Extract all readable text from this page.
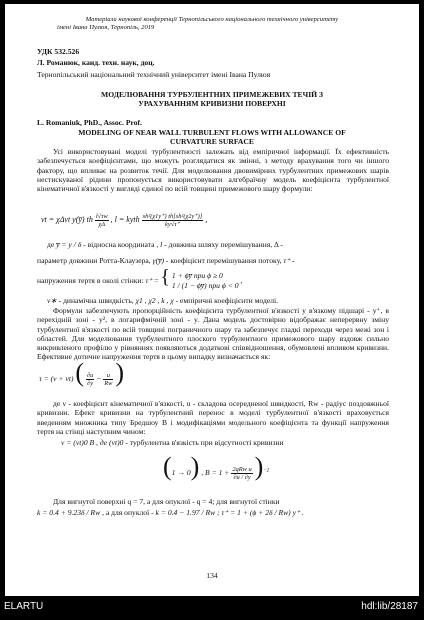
Матеріали наукової конференції Тернопільського національного технічного університету

імені Івана Пулюя, Тернопіль, 2019

УДК 532.526

Л. Романюк, канд. техн. наук, доц.

Тернопільський національний технічний університет імені Івана Пулюя

МОДЕЛЮВАННЯ ТУРБУЛЕНТНИХ ПРИМЕЖЕВИХ ТЕЧІЙ З

УРАХУВАННЯМ КРИВИЗНИ ПОВЕРХНІ

L. Romaniuk, PhD., Assoc. Prof.

MODELING OF NEAR WALL TURBULENT FLOWS WITH ALLOWANCE OF

CURVATURE SURFACE

Усі використовувані моделі турбулентності залежать від емпіричної інформації. Їх ефективність забезпечується коефіцієнтами, що можуть розглядатися як змінні, з методу врахування того чи іншого фактору, що впливає на розвиток течії. Для моделювання двовимірних турбулентних примежових шарів нестискуваної рідини пропонується використовувати алгебраїчну модель коефіцієнта турбулентної кінематичної в'язкості у вигляді єдиної по всій товщині примежового шару формули:

νt = χΔνt y(y̅) th $\frac{l√\tau w}{\chi\Delta}$ , l = kyth $\frac{\text{sh²(χ1y⁺) th[sh²(χ2y⁺)]}}{ky√\tau^+}$ ,

де y̅ = y / δ - відносна координата , l - довжина шляху перемішування, Δ -

параметр довжини Ротта-Клаузера, γ(y̅) - коефіцієнт перемішування потоку, τ⁺ -

напруження тертя в околі стінки: τ⁺ = { 1 + ϕy̅ при ϕ ≥ 0
1 / (1 − ϕy̅) при ϕ < 0
,

v∗ - динамічна швидкість, χ1 , χ2 , k , χ - емпіричні коефіцієнти моделі.

Формули забезпечують пропорційність коефіцієнта турбулентної в'язкості у в'язкому підшарі - y⁺, в перехідній зоні - y², в логарифмічній зоні - y. Дана модель достовірно відображає неперервну зміну турбулентної в'язкості по всій товщині пограничного шару та забезпечує гладкі переходи через межі зон і областей. Для моделювання турбулентного плоского турбулентного примежового шару вздовж сильно викривленого профілю у рівняннях появляються додаткові співвідношення, обумовлені впливом кривизни. Ефективне дотичне напруження тертя в цьому випадку визначається як:

τ = (ν + νt) ( $\frac{\partial u}{\partial y} - \frac{u}{Rw}$ )

де ν - коефіцієнт кінематичної в'язкості, u - складова осередненої швидкості, Rw - радіус поздовжньої кривизни. Ефект кривизни на турбулентний перенос в моделі турбулентної в'язкості враховується введенням множника типу Бредшоу B і модифікаціями модельного коефіцієнта та функції напруження тертя на стінці наступним чином:

ν = (νt)0 B , де (νt)0 - турбулентна в'язкість при відсутності кривизни

(1 → 0) , $B = 1 + \frac{\text{2qRw u}}{\partial u / \partial y} )^{-2}$

Для вигнутої поверхні q = 7, а для опуклої - q = 4; для вигнутої стінки

k = 0.4 + 9.23δ / Rw , а для опуклої - k = 0.4 − 1.97 / Rw ; τ⁺ = 1 + (ϕ + 2δ / Rw) y⁺ .

134

ELARTU	hdl:lib/28187
